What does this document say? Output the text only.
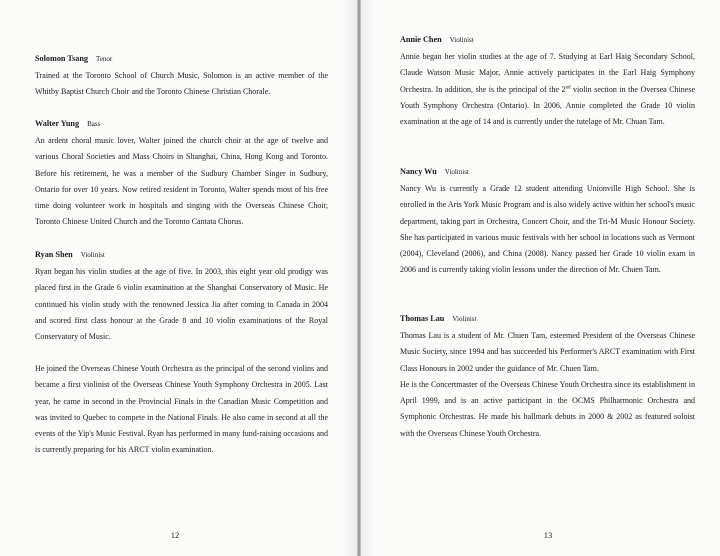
Solomon Tsang Tenor

Trained at the Toronto School of Church Music, Solomon is an active member of the Whitby Baptist Church Choir and the Toronto Chinese Christian Chorale.

Walter Yung Bass

An ardent choral music lover, Walter joined the church choir at the age of twelve and various Choral Societies and Mass Choirs in Shanghai, China, Hong Kong and Toronto. Before his retirement, he was a member of the Sudbury Chamber Singer in Sudbury, Ontario for over 10 years. Now retired resident in Toronto, Walter spends most of his free time doing volunteer work in hospitals and singing with the Overseas Chinese Choir, Toronto Chinese United Church and the Toronto Cantata Chorus.

Ryan Shen Violinist

Ryan began his violin studies at the age of five. In 2003, this eight year old prodigy was placed first in the Grade 6 violin examination at the Shanghai Conservatory of Music. He continued his violin study with the renowned Jessica Jia after coming to Canada in 2004 and scored first class honour at the Grade 8 and 10 violin examinations of the Royal Conservatory of Music.

He joined the Overseas Chinese Youth Orchestra as the principal of the second violins and became a first violinist of the Overseas Chinese Youth Symphony Orchestra in 2005. Last year, he came in second in the Provincial Finals in the Canadian Music Competition and was invited to Quebec to compete in the National Finals. He also came in second at all the events of the Yip's Music Festival. Ryan has performed in many fund-raising occasions and is currently preparing for his ARCT violin examination.

12

Annie Chen Violinist

Annie began her violin studies at the age of 7. Studying at Earl Haig Secondary School, Claude Watson Music Major, Annie actively participates in the Earl Haig Symphony Orchestra. In addition, she is the principal of the 2nd violin section in the Oversea Chinese Youth Symphony Orchestra (Ontario). In 2006, Annie completed the Grade 10 violin examination at the age of 14 and is currently under the tutelage of Mr. Chuan Tam.

Nancy Wu Violinist

Nancy Wu is currently a Grade 12 student attending Unionville High School. She is enrolled in the Arts York Music Program and is also widely active within her school's music department, taking part in Orchestra, Concert Choir, and the Tri-M Music Honour Society. She has participated in various music festivals with her school in locations such as Vermont (2004), Cleveland (2006), and China (2008). Nancy passed her Grade 10 violin exam in 2006 and is currently taking violin lessons under the direction of Mr. Chuen Tam.

Thomas Lau Violinist

Thomas Lau is a student of Mr. Chuen Tam, esteemed President of the Overseas Chinese Music Society, since 1994 and has succeeded his Performer's ARCT examination with First Class Honours in 2002 under the guidance of Mr. Chuen Tam.

He is the Concertmaster of the Overseas Chinese Youth Orchestra since its establishment in April 1999, and is an active participant in the OCMS Philharmonic Orchestra and Symphonic Orchestras. He made his hallmark debuts in 2000 & 2002 as featured soloist with the Overseas Chinese Youth Orchestra.

13
